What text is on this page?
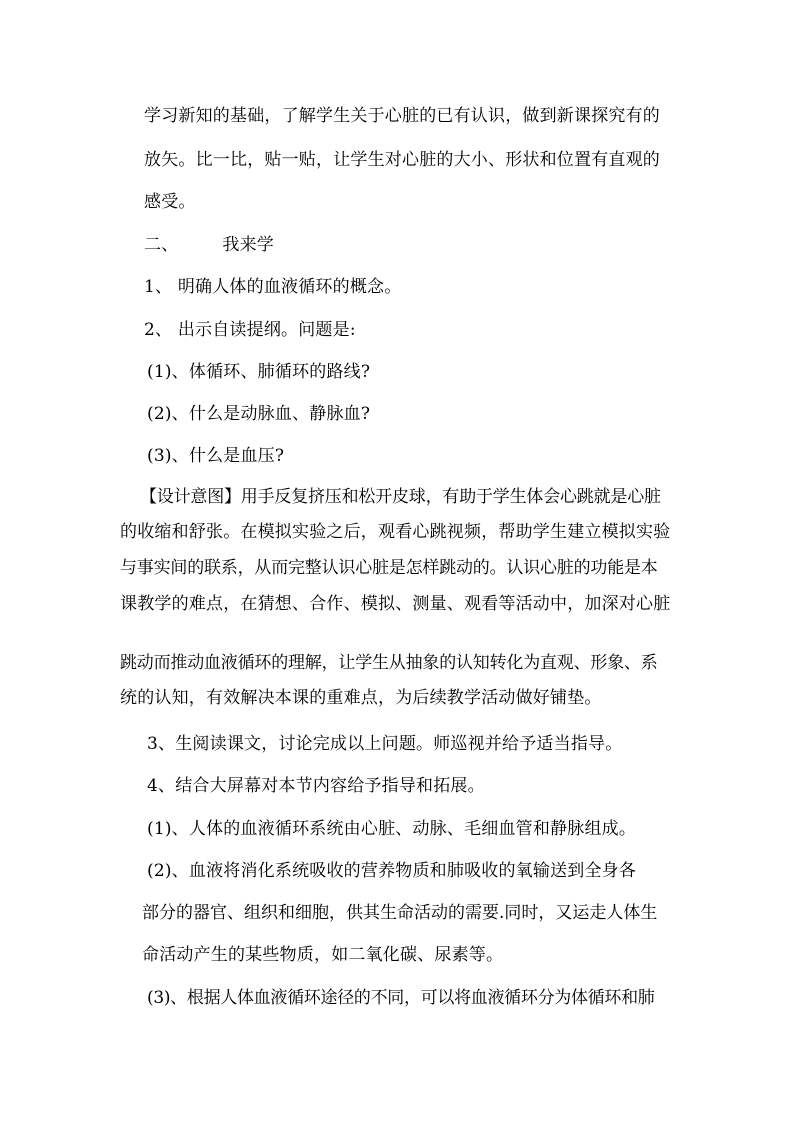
学习新知的基础，了解学生关于心脏的已有认识，做到新课探究有的
放矢。比一比，贴一贴，让学生对心脏的大小、形状和位置有直观的
感受。
二、	我来学
1、 明确人体的血液循环的概念。
2、 出示自读提纲。问题是:
(1)、体循环、肺循环的路线?
(2)、什么是动脉血、静脉血?
(3)、什么是血压?
【设计意图】用手反复挤压和松开皮球，有助于学生体会心跳就是心脏
的收缩和舒张。在模拟实验之后，观看心跳视频，帮助学生建立模拟实验
与事实间的联系，从而完整认识心脏是怎样跳动的。认识心脏的功能是本
课教学的难点，在猜想、合作、模拟、测量、观看等活动中，加深对心脏
跳动而推动血液循环的理解，让学生从抽象的认知转化为直观、形象、系
统的认知，有效解决本课的重难点，为后续教学活动做好铺垫。
3、生阅读课文，讨论完成以上问题。师巡视并给予适当指导。
4、结合大屏幕对本节内容给予指导和拓展。
(1)、人体的血液循环系统由心脏、动脉、毛细血管和静脉组成。
(2)、血液将消化系统吸收的营养物质和肺吸收的氧输送到全身各
部分的器官、组织和细胞，供其生命活动的需要.同时，又运走人体生
命活动产生的某些物质，如二氧化碳、尿素等。
(3)、根据人体血液循环途径的不同，可以将血液循环分为体循环和肺
